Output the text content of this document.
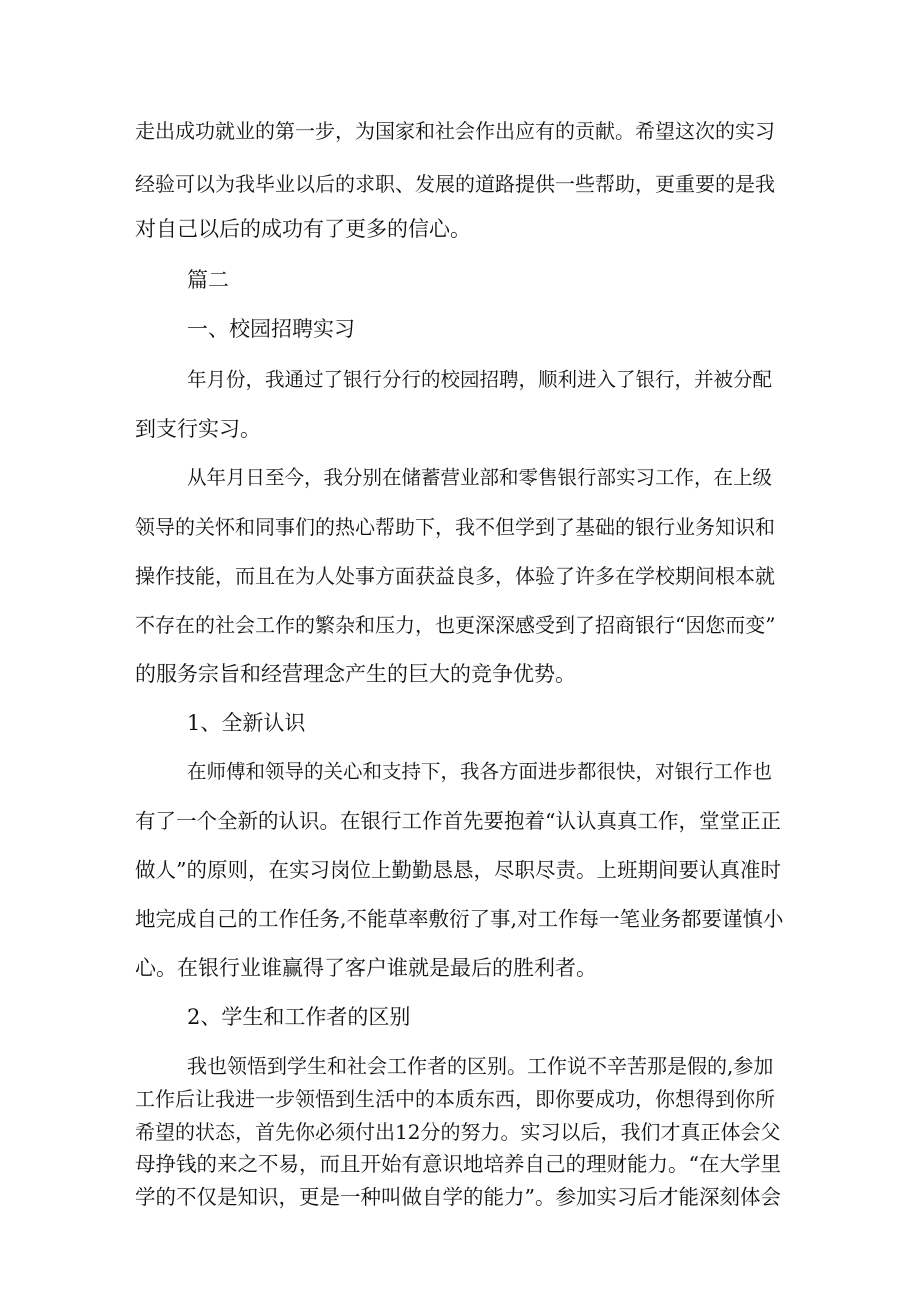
走出成功就业的第一步，为国家和社会作出应有的贡献。希望这次的实习
经验可以为我毕业以后的求职、发展的道路提供一些帮助，更重要的是我
对自己以后的成功有了更多的信心。
篇二
一、校园招聘实习
年月份，我通过了银行分行的校园招聘，顺利进入了银行，并被分配
到支行实习。
从年月日至今，我分别在储蓄营业部和零售银行部实习工作，在上级
领导的关怀和同事们的热心帮助下，我不但学到了基础的银行业务知识和
操作技能，而且在为人处事方面获益良多，体验了许多在学校期间根本就
不存在的社会工作的繁杂和压力，也更深深感受到了招商银行“因您而变”
的服务宗旨和经营理念产生的巨大的竞争优势。
1、全新认识
在师傅和领导的关心和支持下，我各方面进步都很快，对银行工作也
有了一个全新的认识。在银行工作首先要抱着“认认真真工作，堂堂正正
做人”的原则，在实习岗位上勤勤恳恳，尽职尽责。上班期间要认真准时
地完成自己的工作任务,不能草率敷衍了事,对工作每一笔业务都要谨慎小
心。在银行业谁赢得了客户谁就是最后的胜利者。
2、学生和工作者的区别
我也领悟到学生和社会工作者的区别。工作说不辛苦那是假的,参加
工作后让我进一步领悟到生活中的本质东西，即你要成功，你想得到你所
希望的状态，首先你必须付出12分的努力。实习以后，我们才真正体会父
母挣钱的来之不易，而且开始有意识地培养自己的理财能力。“在大学里
学的不仅是知识，更是一种叫做自学的能力”。参加实习后才能深刻体会
